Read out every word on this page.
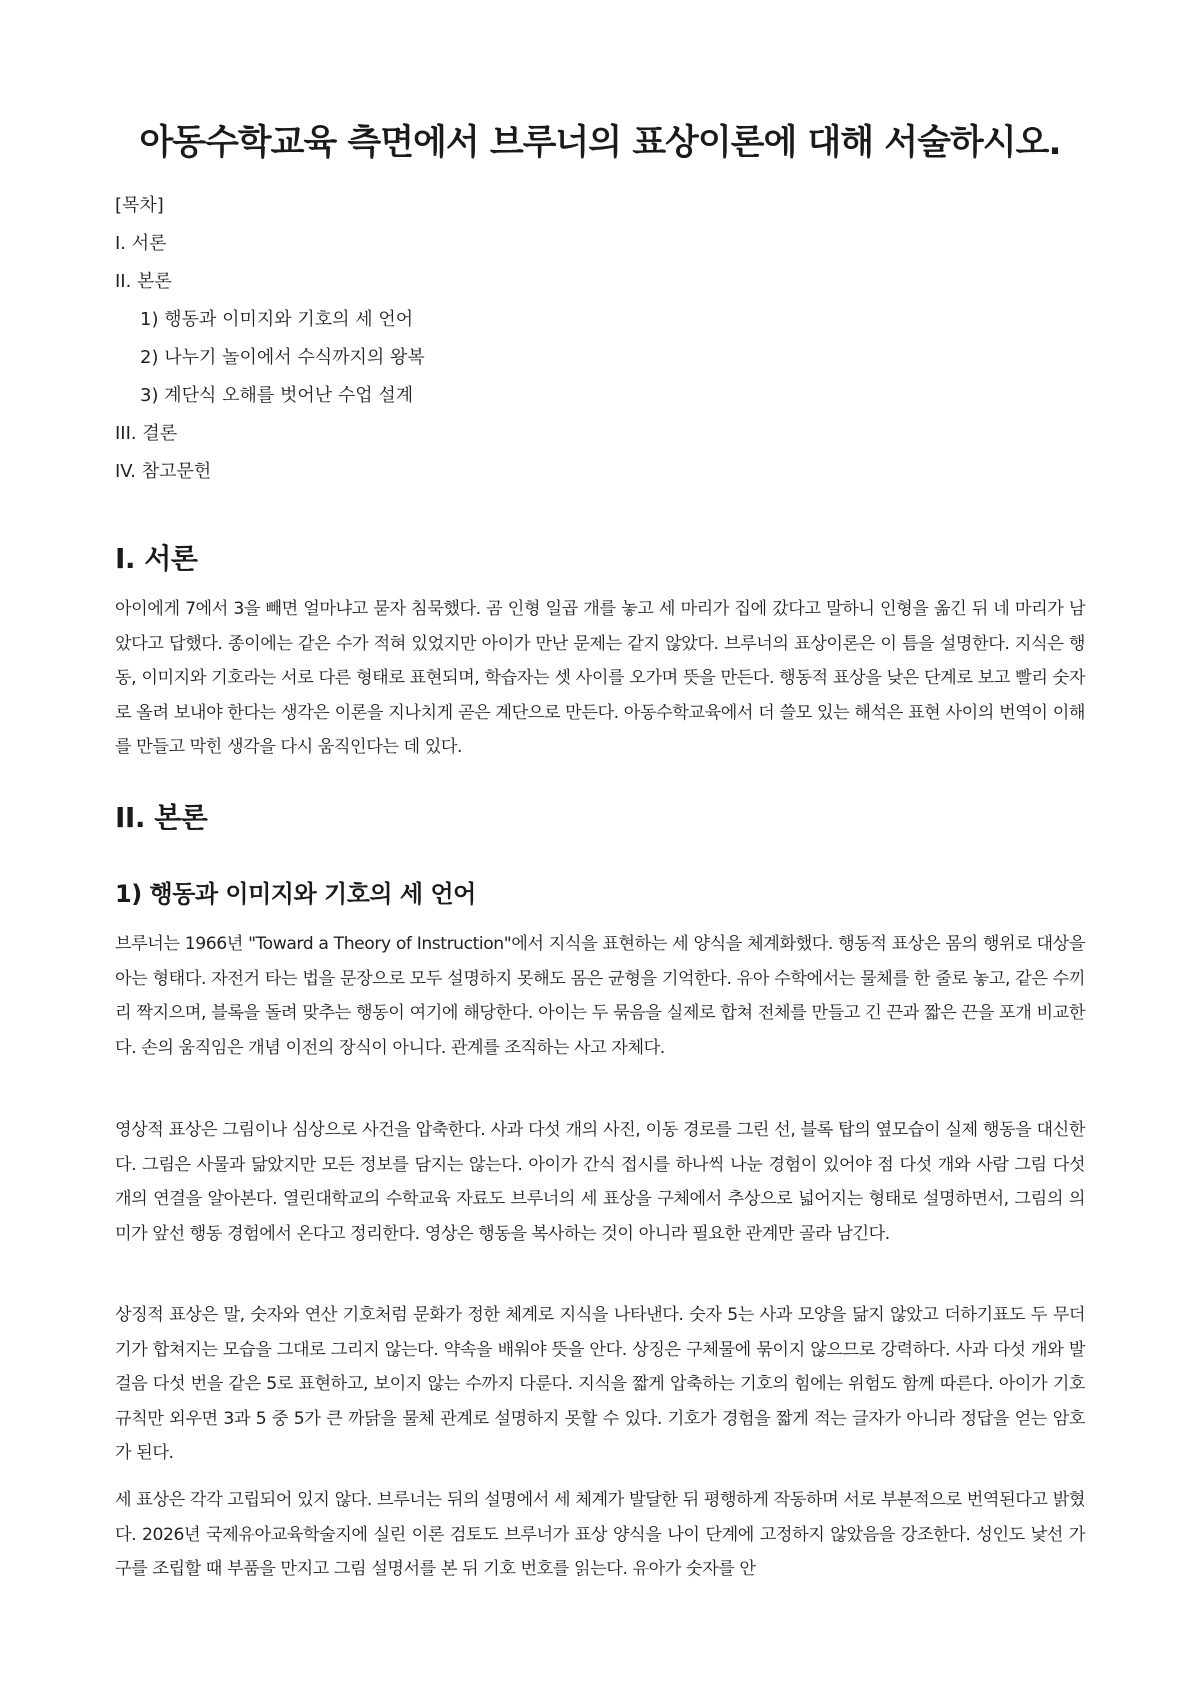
아동수학교육 측면에서 브루너의 표상이론에 대해 서술하시오.
[목차]
I. 서론
II. 본론
1) 행동과 이미지와 기호의 세 언어
2) 나누기 놀이에서 수식까지의 왕복
3) 계단식 오해를 벗어난 수업 설계
III. 결론
IV. 참고문헌
I. 서론

아이에게 7에서 3을 빼면 얼마냐고 묻자 침묵했다. 곰 인형 일곱 개를 놓고 세 마리가 집에 갔다고 말하니 인형을 옮긴 뒤 네 마리가 남았다고 답했다. 종이에는 같은 수가 적혀 있었지만 아이가 만난 문제는 같지 않았다. 브루너의 표상이론은 이 틈을 설명한다. 지식은 행동, 이미지와 기호라는 서로 다른 형태로 표현되며, 학습자는 셋 사이를 오가며 뜻을 만든다. 행동적 표상을 낮은 단계로 보고 빨리 숫자로 올려 보내야 한다는 생각은 이론을 지나치게 곧은 계단으로 만든다. 아동수학교육에서 더 쓸모 있는 해석은 표현 사이의 번역이 이해를 만들고 막힌 생각을 다시 움직인다는 데 있다.

II. 본론
1) 행동과 이미지와 기호의 세 언어

브루너는 1966년 "Toward a Theory of Instruction"에서 지식을 표현하는 세 양식을 체계화했다. 행동적 표상은 몸의 행위로 대상을 아는 형태다. 자전거 타는 법을 문장으로 모두 설명하지 못해도 몸은 균형을 기억한다. 유아 수학에서는 물체를 한 줄로 놓고, 같은 수끼리 짝지으며, 블록을 돌려 맞추는 행동이 여기에 해당한다. 아이는 두 묶음을 실제로 합쳐 전체를 만들고 긴 끈과 짧은 끈을 포개 비교한다. 손의 움직임은 개념 이전의 장식이 아니다. 관계를 조직하는 사고 자체다.

영상적 표상은 그림이나 심상으로 사건을 압축한다. 사과 다섯 개의 사진, 이동 경로를 그린 선, 블록 탑의 옆모습이 실제 행동을 대신한다. 그림은 사물과 닮았지만 모든 정보를 담지는 않는다. 아이가 간식 접시를 하나씩 나눈 경험이 있어야 점 다섯 개와 사람 그림 다섯 개의 연결을 알아본다. 열린대학교의 수학교육 자료도 브루너의 세 표상을 구체에서 추상으로 넓어지는 형태로 설명하면서, 그림의 의미가 앞선 행동 경험에서 온다고 정리한다. 영상은 행동을 복사하는 것이 아니라 필요한 관계만 골라 남긴다.

상징적 표상은 말, 숫자와 연산 기호처럼 문화가 정한 체계로 지식을 나타낸다. 숫자 5는 사과 모양을 닮지 않았고 더하기표도 두 무더기가 합쳐지는 모습을 그대로 그리지 않는다. 약속을 배워야 뜻을 안다. 상징은 구체물에 묶이지 않으므로 강력하다. 사과 다섯 개와 발걸음 다섯 번을 같은 5로 표현하고, 보이지 않는 수까지 다룬다. 지식을 짧게 압축하는 기호의 힘에는 위험도 함께 따른다. 아이가 기호 규칙만 외우면 3과 5 중 5가 큰 까닭을 물체 관계로 설명하지 못할 수 있다. 기호가 경험을 짧게 적는 글자가 아니라 정답을 얻는 암호가 된다.

세 표상은 각각 고립되어 있지 않다. 브루너는 뒤의 설명에서 세 체계가 발달한 뒤 평행하게 작동하며 서로 부분적으로 번역된다고 밝혔다. 2026년 국제유아교육학술지에 실린 이론 검토도 브루너가 표상 양식을 나이 단계에 고정하지 않았음을 강조한다. 성인도 낯선 가구를 조립할 때 부품을 만지고 그림 설명서를 본 뒤 기호 번호를 읽는다. 유아가 숫자를 안
